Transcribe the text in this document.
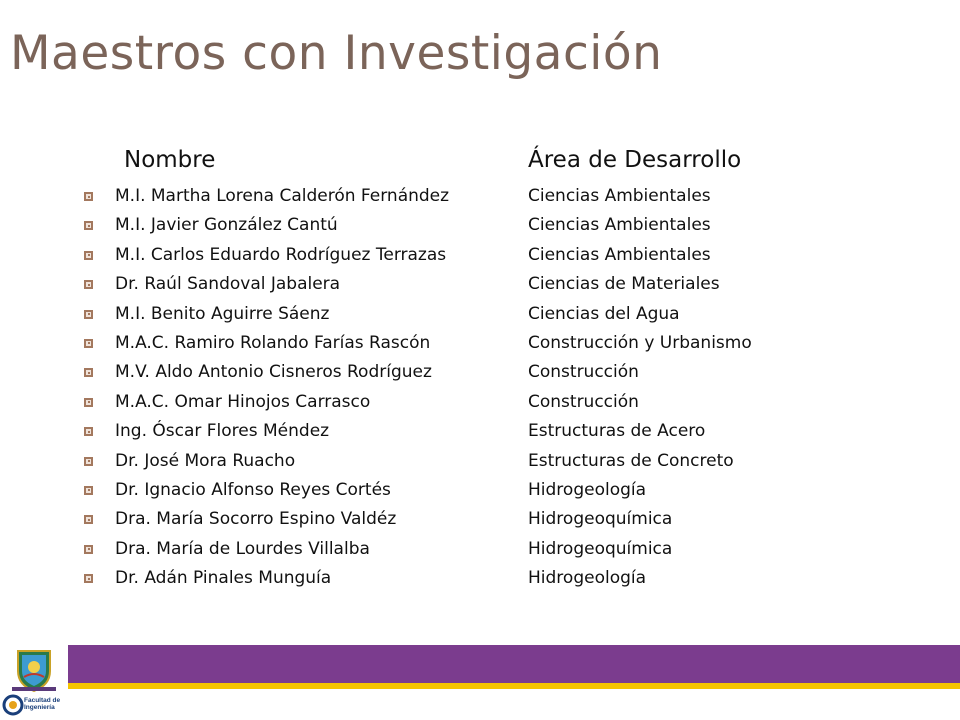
Maestros con Investigación
Nombre	Área de Desarrollo
M.I. Martha Lorena Calderón Fernández	Ciencias Ambientales
M.I. Javier González Cantú	Ciencias Ambientales
M.I. Carlos Eduardo Rodríguez Terrazas	Ciencias Ambientales
Dr. Raúl Sandoval Jabalera	Ciencias de Materiales
M.I. Benito Aguirre Sáenz	Ciencias del Agua
M.A.C. Ramiro Rolando Farías Rascón	Construcción y Urbanismo
M.V. Aldo Antonio Cisneros Rodríguez	Construcción
M.A.C. Omar Hinojos Carrasco	Construcción
Ing. Óscar Flores Méndez	Estructuras de Acero
Dr. José Mora Ruacho	Estructuras de Concreto
Dr. Ignacio Alfonso Reyes Cortés	Hidrogeología
Dra. María Socorro Espino Valdéz	Hidrogeoquímica
Dra. María de Lourdes Villalba	Hidrogeoquímica
Dr. Adán Pinales Munguía	Hidrogeología
Facultad de
Ingeniería
